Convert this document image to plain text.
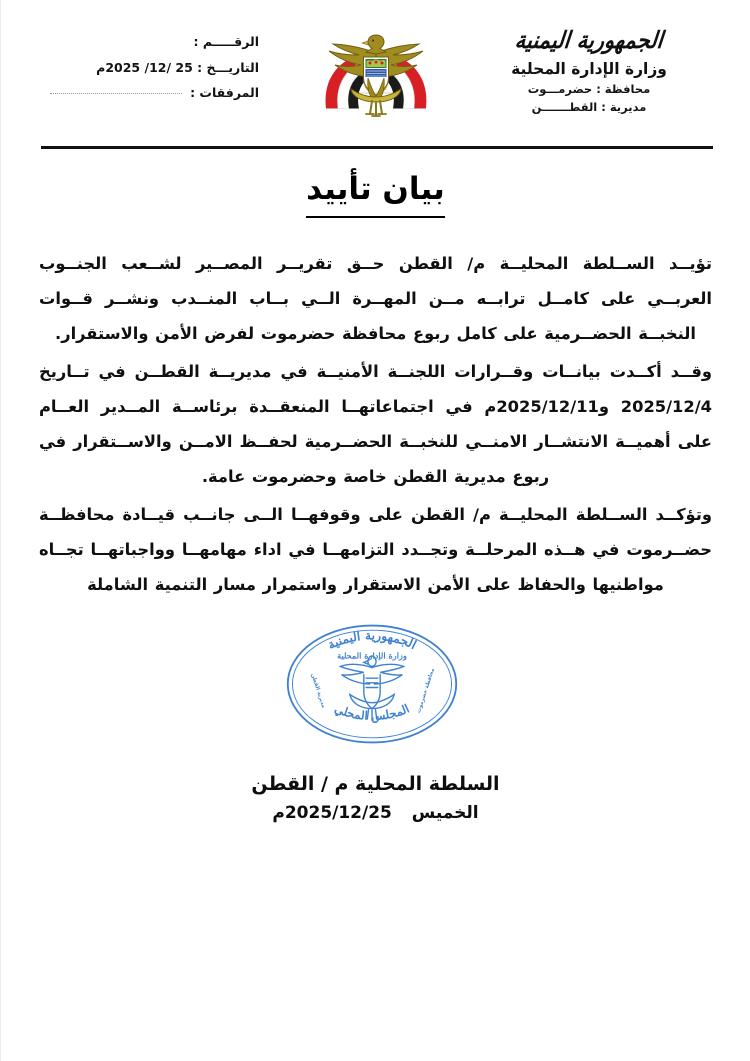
الرقـــــم :
التاريـــخ : 25 /12/ 2025م
المرفقات :
الجمهورية اليمنية
وزارة الإدارة المحلية
محافظة : حضرمـــوت
مديرية : القطـــــــن
بيان تأييد

تؤيــد الســلطة المحليــة م/ القطن حــق تقريــر المصــير لشــعب الجنــوب العربــي على كامــل ترابــه مــن المهــرة الــي بــاب المنــدب ونشــر قــوات النخبــة الحضــرمية على كامل ربوع محافظة حضرموت لفرض الأمن والاستقرار.

وقــد أكــدت بيانــات وقــرارات اللجنــة الأمنيــة في مديريــة القطــن في تــاريخ 2025/12/4 و2025/12/11م في اجتماعاتهــا المنعقــدة برئاســة المــدير العــام على أهميــة الانتشــار الامنــي للنخبــة الحضــرمية لحفــظ الامــن والاســتقرار في ربوع مديرية القطن خاصة وحضرموت عامة.

وتؤكــد الســلطة المحليــة م/ القطن على وقوفهــا الــى جانــب قيــادة محافظــة حضــرموت في هــذه المرحلــة وتجــدد التزامهــا في اداء مهامهــا وواجباتهــا تجــاه مواطنيها والحفاظ على الأمن الاستقرار واستمرار مسار التنمية الشاملة

الجمهورية اليمنية
وزارة الإدارة المحلية
محافظة حضرموت
مديرية القطن
المجلس المحلي
السلطة المحلية م / القطن
الخميس 2025/12/25م
